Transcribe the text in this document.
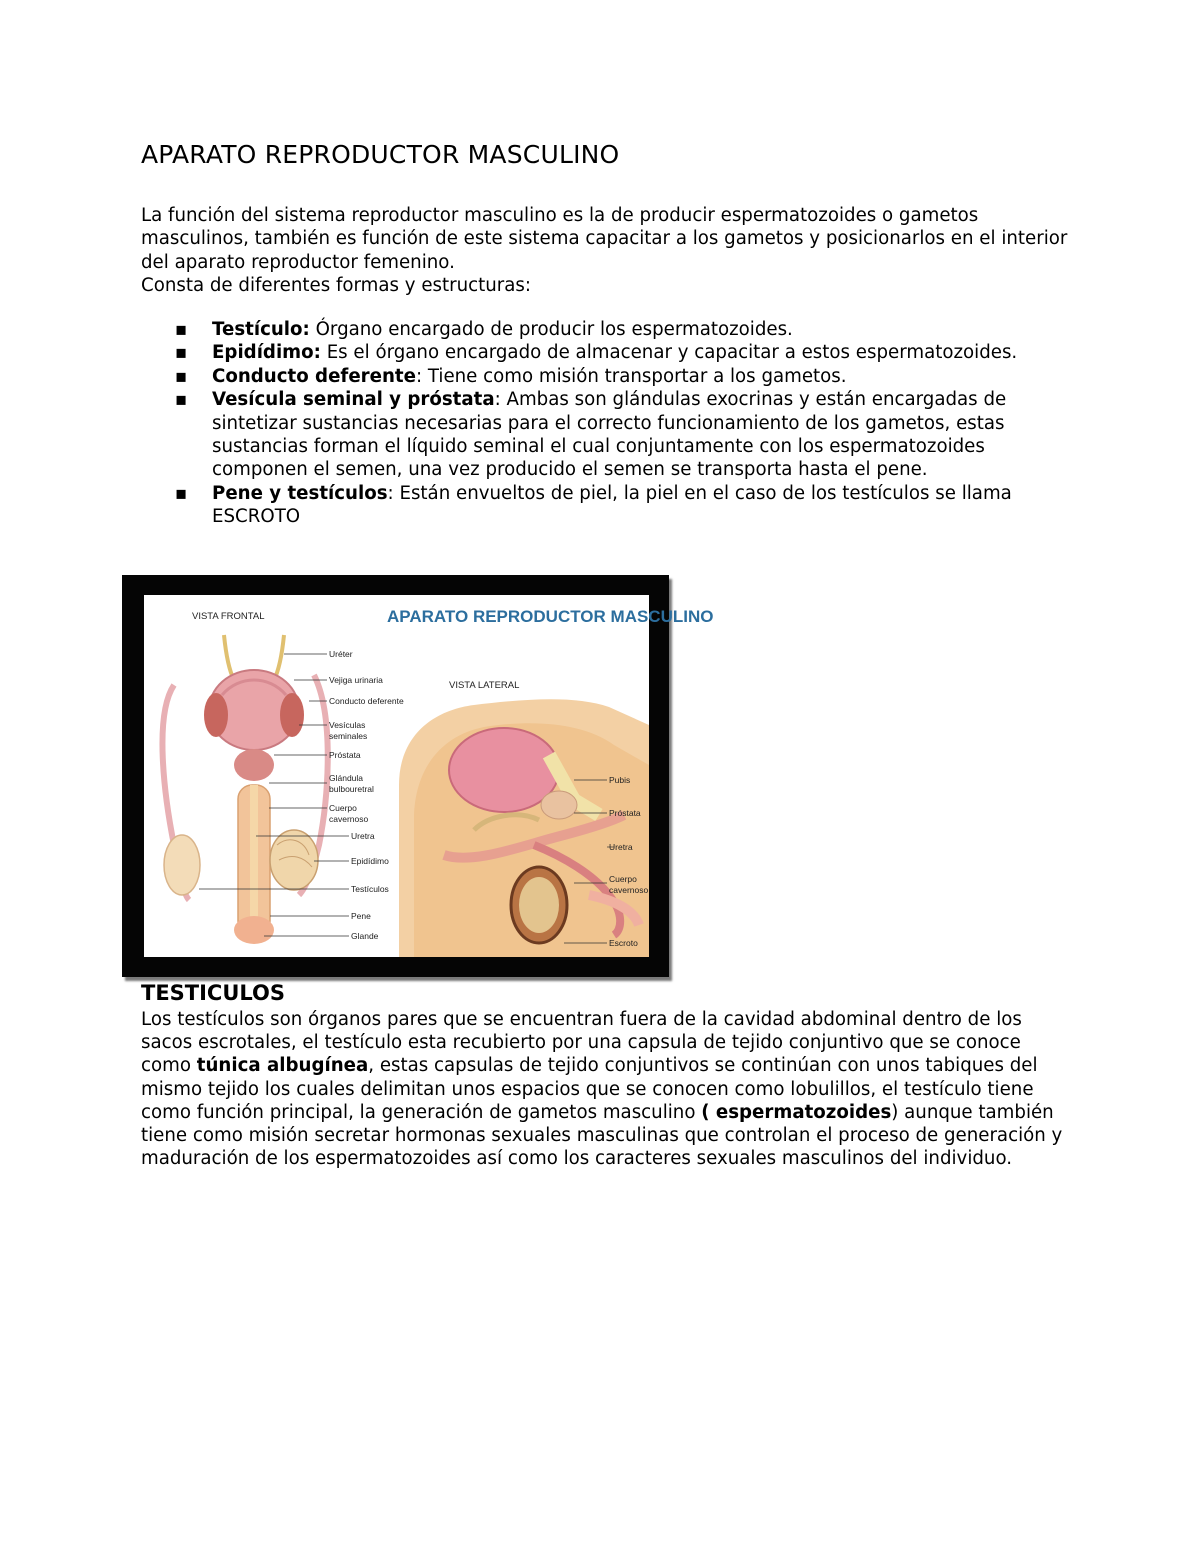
APARATO REPRODUCTOR MASCULINO

La función del sistema reproductor masculino es la de producir espermatozoides o gametos masculinos, también es función de este sistema capacitar a los gametos y posicionarlos en el interior del aparato reproductor femenino.

Consta de diferentes formas y estructuras:

▪ Testículo: Órgano encargado de producir los espermatozoides.
▪ Epidídimo: Es el órgano encargado de almacenar y capacitar a estos espermatozoides.
▪ Conducto deferente: Tiene como misión transportar a los gametos.
▪ Vesícula seminal y próstata: Ambas son glándulas exocrinas y están encargadas de sintetizar sustancias necesarias para el correcto funcionamiento de los gametos, estas sustancias forman el líquido seminal el cual conjuntamente con los espermatozoides componen el semen, una vez producido el semen se transporta hasta el pene.
▪ Pene y testículos: Están envueltos de piel, la piel en el caso de los testículos se llama ESCROTO
APARATO REPRODUCTOR MASCULINO
VISTA FRONTAL
VISTA LATERAL
Uréter
Vejiga urinaria
Conducto deferente
Vesículas
seminales
Próstata
Glándula
bulbouretral
Cuerpo
cavernoso
Uretra
Epidídimo
Testículos
Pene
Glande
Pubis
Próstata
Uretra
Cuerpo
cavernoso
Escroto
TESTICULOS

Los testículos son órganos pares que se encuentran fuera de la cavidad abdominal dentro de los sacos escrotales, el testículo esta recubierto por una capsula de tejido conjuntivo que se conoce como túnica albugínea, estas capsulas de tejido conjuntivos se continúan con unos tabiques del mismo tejido los cuales delimitan unos espacios que se conocen como lobulillos, el testículo tiene como función principal, la generación de gametos masculino ( espermatozoides) aunque también tiene como misión secretar hormonas sexuales masculinas que controlan el proceso de generación y maduración de los espermatozoides así como los caracteres sexuales masculinos del individuo.
